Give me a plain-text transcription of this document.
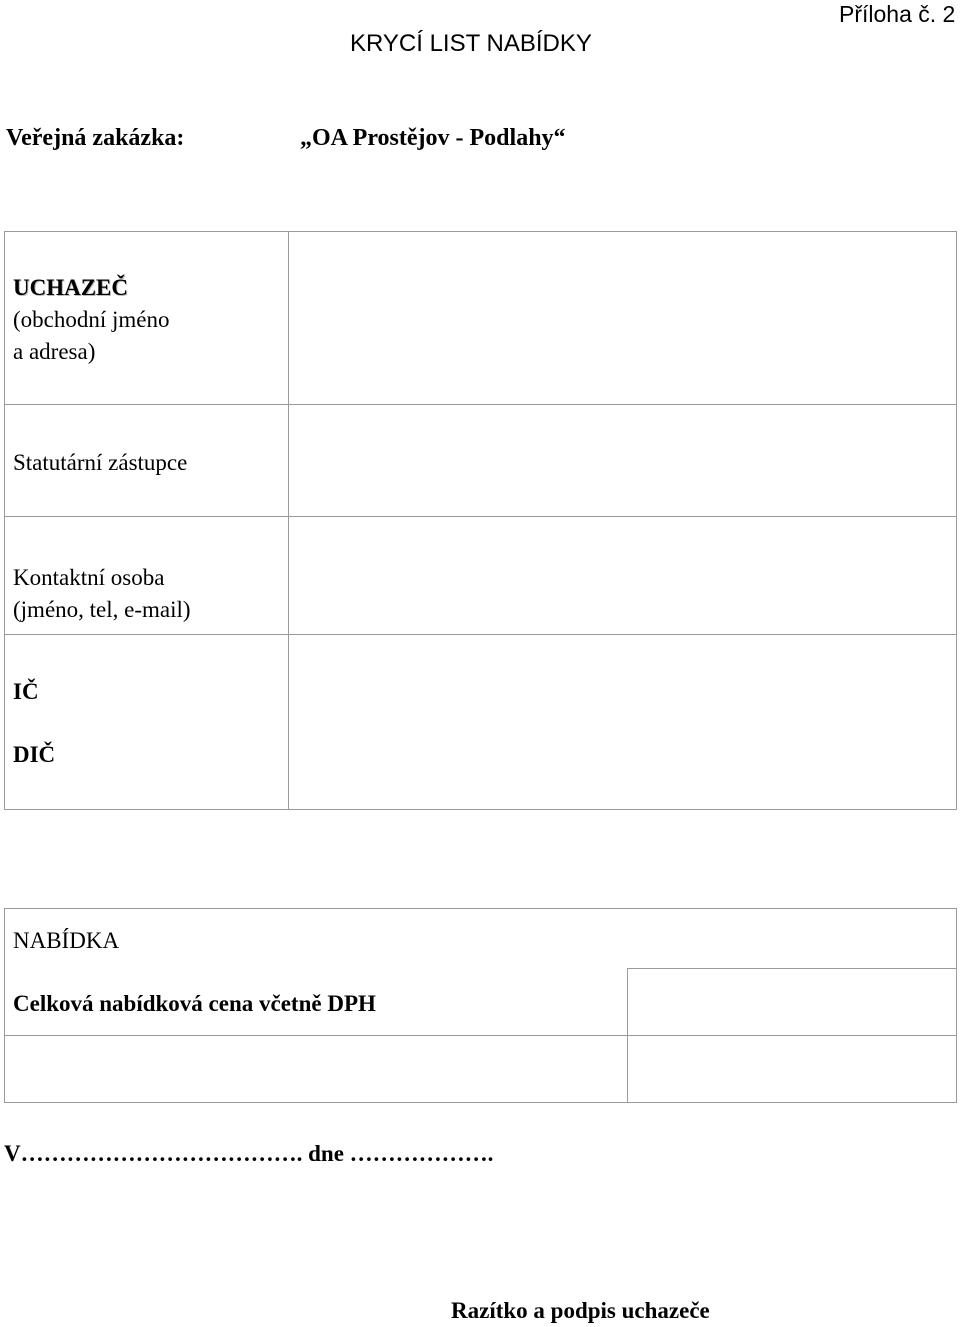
Příloha č. 2
KRYCÍ LIST NABÍDKY
Veřejná zakázka:	„OA Prostějov - Podlahy“
UCHAZEČ
(obchodní jméno
a adresa)
Statutární zástupce
Kontaktní osoba
(jméno, tel, e-mail)
IČ
DIČ
NABÍDKA
Celková nabídková cena včetně DPH
V………………………………. dne ……………….
Razítko a podpis uchazeče
